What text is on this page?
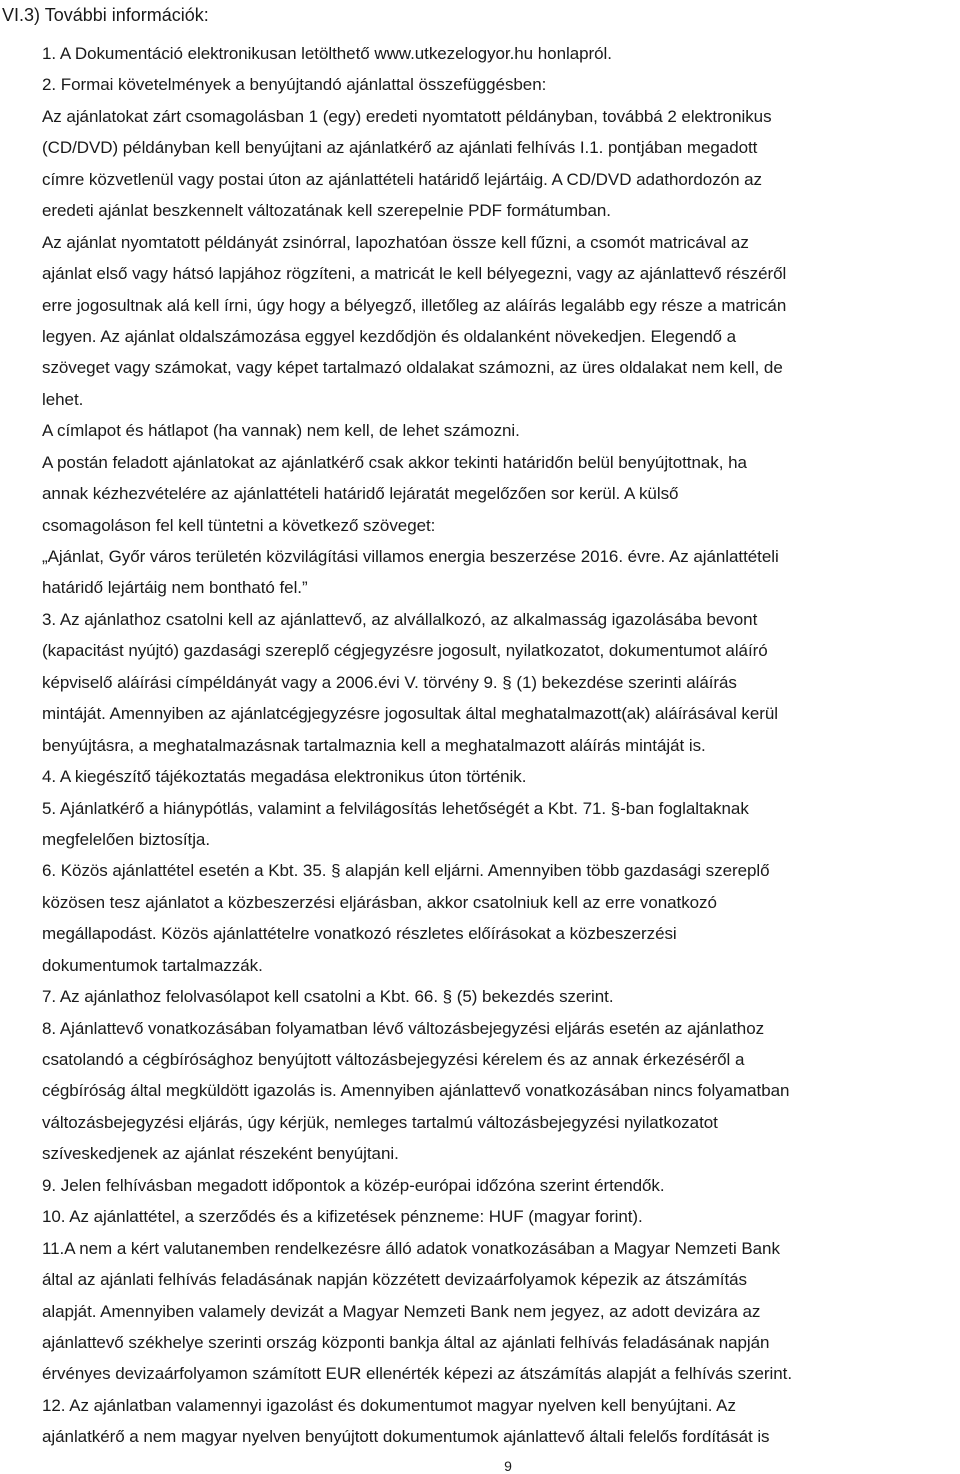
VI.3) További információk:
1. A Dokumentáció elektronikusan letölthető www.utkezelogyor.hu honlapról.
2. Formai követelmények a benyújtandó ajánlattal összefüggésben:
Az ajánlatokat zárt csomagolásban 1 (egy) eredeti nyomtatott példányban, továbbá 2 elektronikus
(CD/DVD) példányban kell benyújtani az ajánlatkérő az ajánlati felhívás I.1. pontjában megadott
címre közvetlenül vagy postai úton az ajánlattételi határidő lejártáig. A CD/DVD adathordozón az
eredeti ajánlat beszkennelt változatának kell szerepelnie PDF formátumban.
Az ajánlat nyomtatott példányát zsinórral, lapozhatóan össze kell fűzni, a csomót matricával az
ajánlat első vagy hátsó lapjához rögzíteni, a matricát le kell bélyegezni, vagy az ajánlattevő részéről
erre jogosultnak alá kell írni, úgy hogy a bélyegző, illetőleg az aláírás legalább egy része a matricán
legyen. Az ajánlat oldalszámozása eggyel kezdődjön és oldalanként növekedjen. Elegendő a
szöveget vagy számokat, vagy képet tartalmazó oldalakat számozni, az üres oldalakat nem kell, de
lehet.
A címlapot és hátlapot (ha vannak) nem kell, de lehet számozni.
A postán feladott ajánlatokat az ajánlatkérő csak akkor tekinti határidőn belül benyújtottnak, ha
annak kézhezvételére az ajánlattételi határidő lejáratát megelőzően sor kerül. A külső
csomagoláson fel kell tüntetni a következő szöveget:
„Ajánlat, Győr város területén közvilágítási villamos energia beszerzése 2016. évre. Az ajánlattételi
határidő lejártáig nem bontható fel.”
3. Az ajánlathoz csatolni kell az ajánlattevő, az alvállalkozó, az alkalmasság igazolásába bevont
(kapacitást nyújtó) gazdasági szereplő cégjegyzésre jogosult, nyilatkozatot, dokumentumot aláíró
képviselő aláírási címpéldányát vagy a 2006.évi V. törvény 9. § (1) bekezdése szerinti aláírás
mintáját. Amennyiben az ajánlatcégjegyzésre jogosultak által meghatalmazott(ak) aláírásával kerül
benyújtásra, a meghatalmazásnak tartalmaznia kell a meghatalmazott aláírás mintáját is.
4. A kiegészítő tájékoztatás megadása elektronikus úton történik.
5. Ajánlatkérő a hiánypótlás, valamint a felvilágosítás lehetőségét a Kbt. 71. §-ban foglaltaknak
megfelelően biztosítja.
6. Közös ajánlattétel esetén a Kbt. 35. § alapján kell eljárni. Amennyiben több gazdasági szereplő
közösen tesz ajánlatot a közbeszerzési eljárásban, akkor csatolniuk kell az erre vonatkozó
megállapodást. Közös ajánlattételre vonatkozó részletes előírásokat a közbeszerzési
dokumentumok tartalmazzák.
7. Az ajánlathoz felolvasólapot kell csatolni a Kbt. 66. § (5) bekezdés szerint.
8. Ajánlattevő vonatkozásában folyamatban lévő változásbejegyzési eljárás esetén az ajánlathoz
csatolandó a cégbírósághoz benyújtott változásbejegyzési kérelem és az annak érkezéséről a
cégbíróság által megküldött igazolás is. Amennyiben ajánlattevő vonatkozásában nincs folyamatban
változásbejegyzési eljárás, úgy kérjük, nemleges tartalmú változásbejegyzési nyilatkozatot
szíveskedjenek az ajánlat részeként benyújtani.
9. Jelen felhívásban megadott időpontok a közép-európai időzóna szerint értendők.
10. Az ajánlattétel, a szerződés és a kifizetések pénzneme: HUF (magyar forint).
11.A nem a kért valutanemben rendelkezésre álló adatok vonatkozásában a Magyar Nemzeti Bank
által az ajánlati felhívás feladásának napján közzétett devizaárfolyamok képezik az átszámítás
alapját. Amennyiben valamely devizát a Magyar Nemzeti Bank nem jegyez, az adott devizára az
ajánlattevő székhelye szerinti ország központi bankja által az ajánlati felhívás feladásának napján
érvényes devizaárfolyamon számított EUR ellenérték képezi az átszámítás alapját a felhívás szerint.
12. Az ajánlatban valamennyi igazolást és dokumentumot magyar nyelven kell benyújtani. Az
ajánlatkérő a nem magyar nyelven benyújtott dokumentumok ajánlattevő általi felelős fordítását is
9
